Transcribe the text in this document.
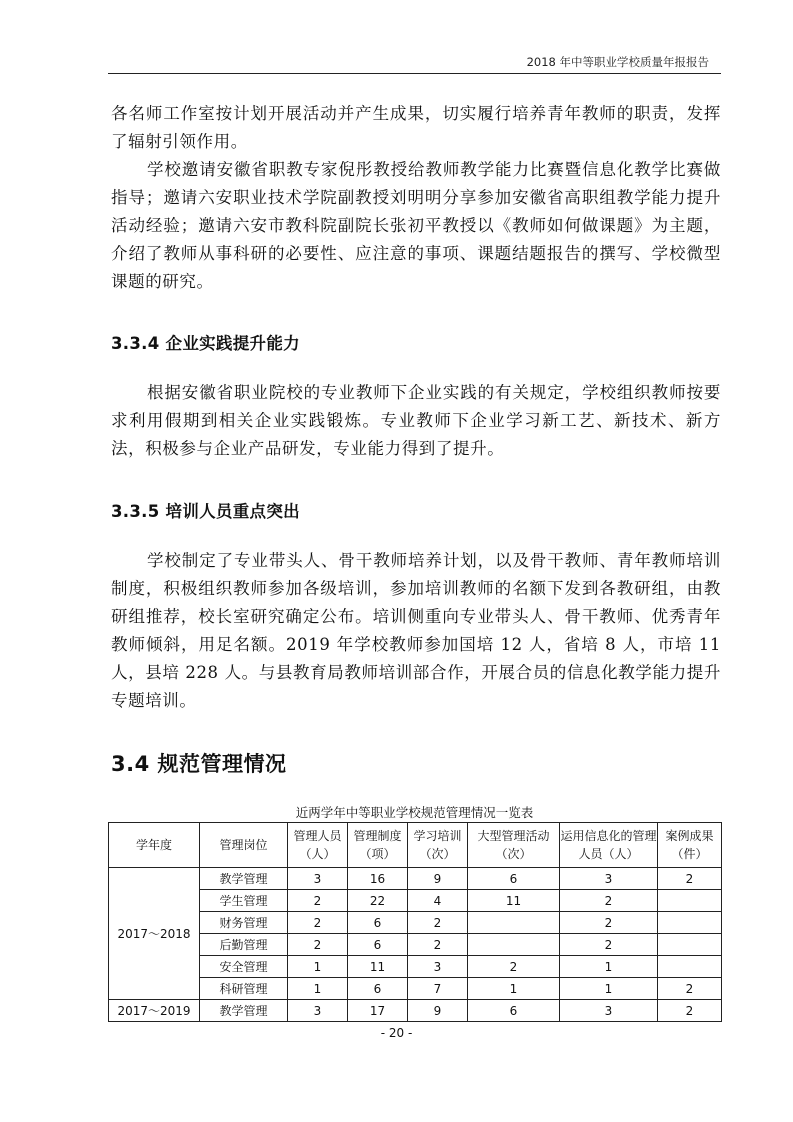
2018 年中等职业学校质量年报报告

各名师工作室按计划开展活动并产生成果，切实履行培养青年教师的职责，发挥了辐射引领作用。

学校邀请安徽省职教专家倪彤教授给教师教学能力比赛暨信息化教学比赛做指导；邀请六安职业技术学院副教授刘明明分享参加安徽省高职组教学能力提升活动经验；邀请六安市教科院副院长张初平教授以《教师如何做课题》为主题，介绍了教师从事科研的必要性、应注意的事项、课题结题报告的撰写、学校微型课题的研究。

3.3.4 企业实践提升能力

根据安徽省职业院校的专业教师下企业实践的有关规定，学校组织教师按要求利用假期到相关企业实践锻炼。专业教师下企业学习新工艺、新技术、新方法，积极参与企业产品研发，专业能力得到了提升。

3.3.5 培训人员重点突出

学校制定了专业带头人、骨干教师培养计划，以及骨干教师、青年教师培训制度，积极组织教师参加各级培训，参加培训教师的名额下发到各教研组，由教研组推荐，校长室研究确定公布。培训侧重向专业带头人、骨干教师、优秀青年教师倾斜，用足名额。2019 年学校教师参加国培 12 人，省培 8 人，市培 11 人，县培 228 人。与县教育局教师培训部合作，开展合员的信息化教学能力提升专题培训。

3.4 规范管理情况
近两学年中等职业学校规范管理情况一览表
学年度	管理岗位	管理人员（人）	管理制度（项）	学习培训（次）	大型管理活动（次）	运用信息化的管理人员（人）	案例成果（件）
2017～2018	教学管理	3	16	9	6	3	2
	学生管理	2	22	4	11	2	
	财务管理	2	6	2		2	
	后勤管理	2	6	2		2	
	安全管理	1	11	3	2	1	
	科研管理	1	6	7	1	1	2
2017～2019	教学管理	3	17	9	6	3	2
- 20 -
